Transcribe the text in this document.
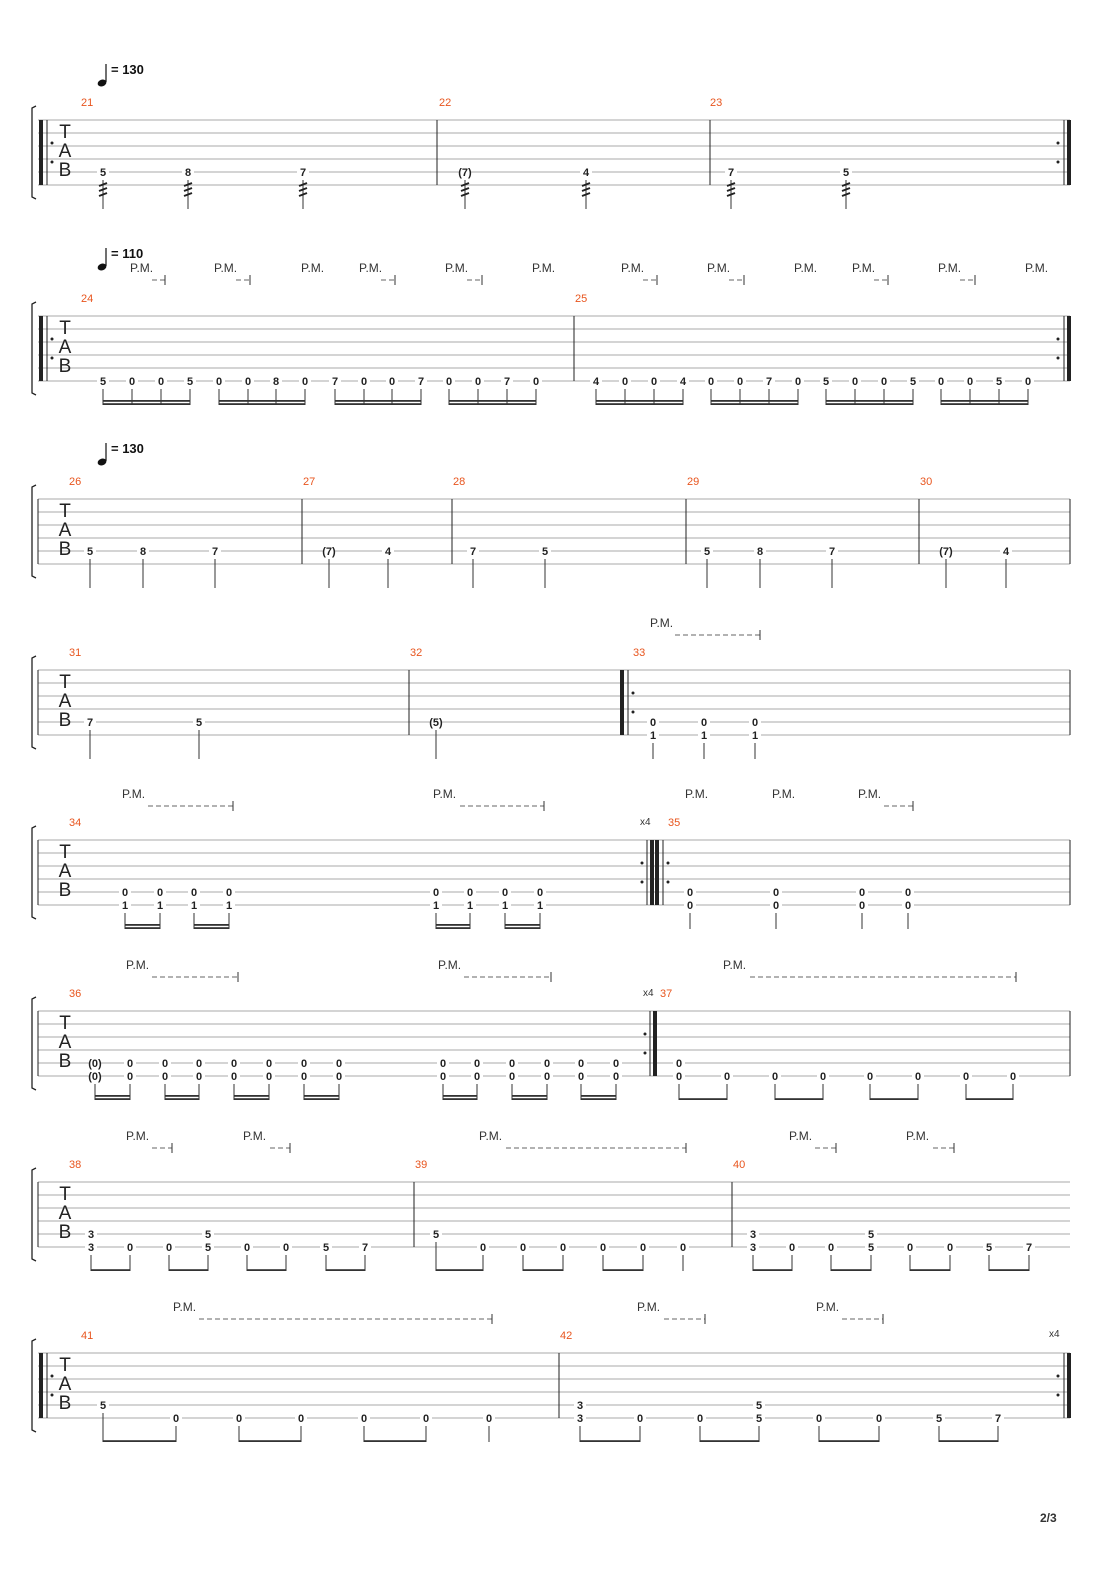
T
A
B
= 130
21	22	23
5	8	7	(7)	4	7	5
T
A
B
= 110
24	25
P.M.	P.M.	P.M.	P.M.	P.M.	P.M.	P.M.	P.M.	P.M.	P.M.	P.M.	P.M.
5 0 0 5 0 0 8 0 7 0 0 7 0 0 7 0	4 0 0 4 0 0 7 0 5 0 0 5 0 0 5 0
T
A
B
= 130
26	27	28	29	30
5	8	7	(7)	4	7	5	5	8	7	(7)	4
T
A
B
31	32	33
P.M.
7	5	(5)	0
1
0
1
0
1
T
A
B
34	35
x4
P.M.	P.M.	P.M.	P.M.	P.M.
0
1
0
1
0
1
0
1
0
1
0
1
0
1
0
1
0
0
0
0
0
0
0
0
T
A
B
36	37
x4
P.M.	P.M.	P.M.
(0)
(0)
0
0
0
0
0
0
0
0
0
0
0
0
0
0
0
0
0
0
0
0
0
0
0
0
0
0
0
0	0	0	0	0	0	0	0
T
A
B
38	39	40
P.M.	P.M.	P.M.	P.M.	P.M.
3
3	0	0
5
5	0	0	5	7
5
0	0	0	0	0	0
3
3	0	0
5
5	0	0	5	7
T
A
B
41	42	x4
P.M.	P.M.	P.M.
5
0	0	0	0	0	0
3
3	0	0
5
5	0	0	5	7
2/3
